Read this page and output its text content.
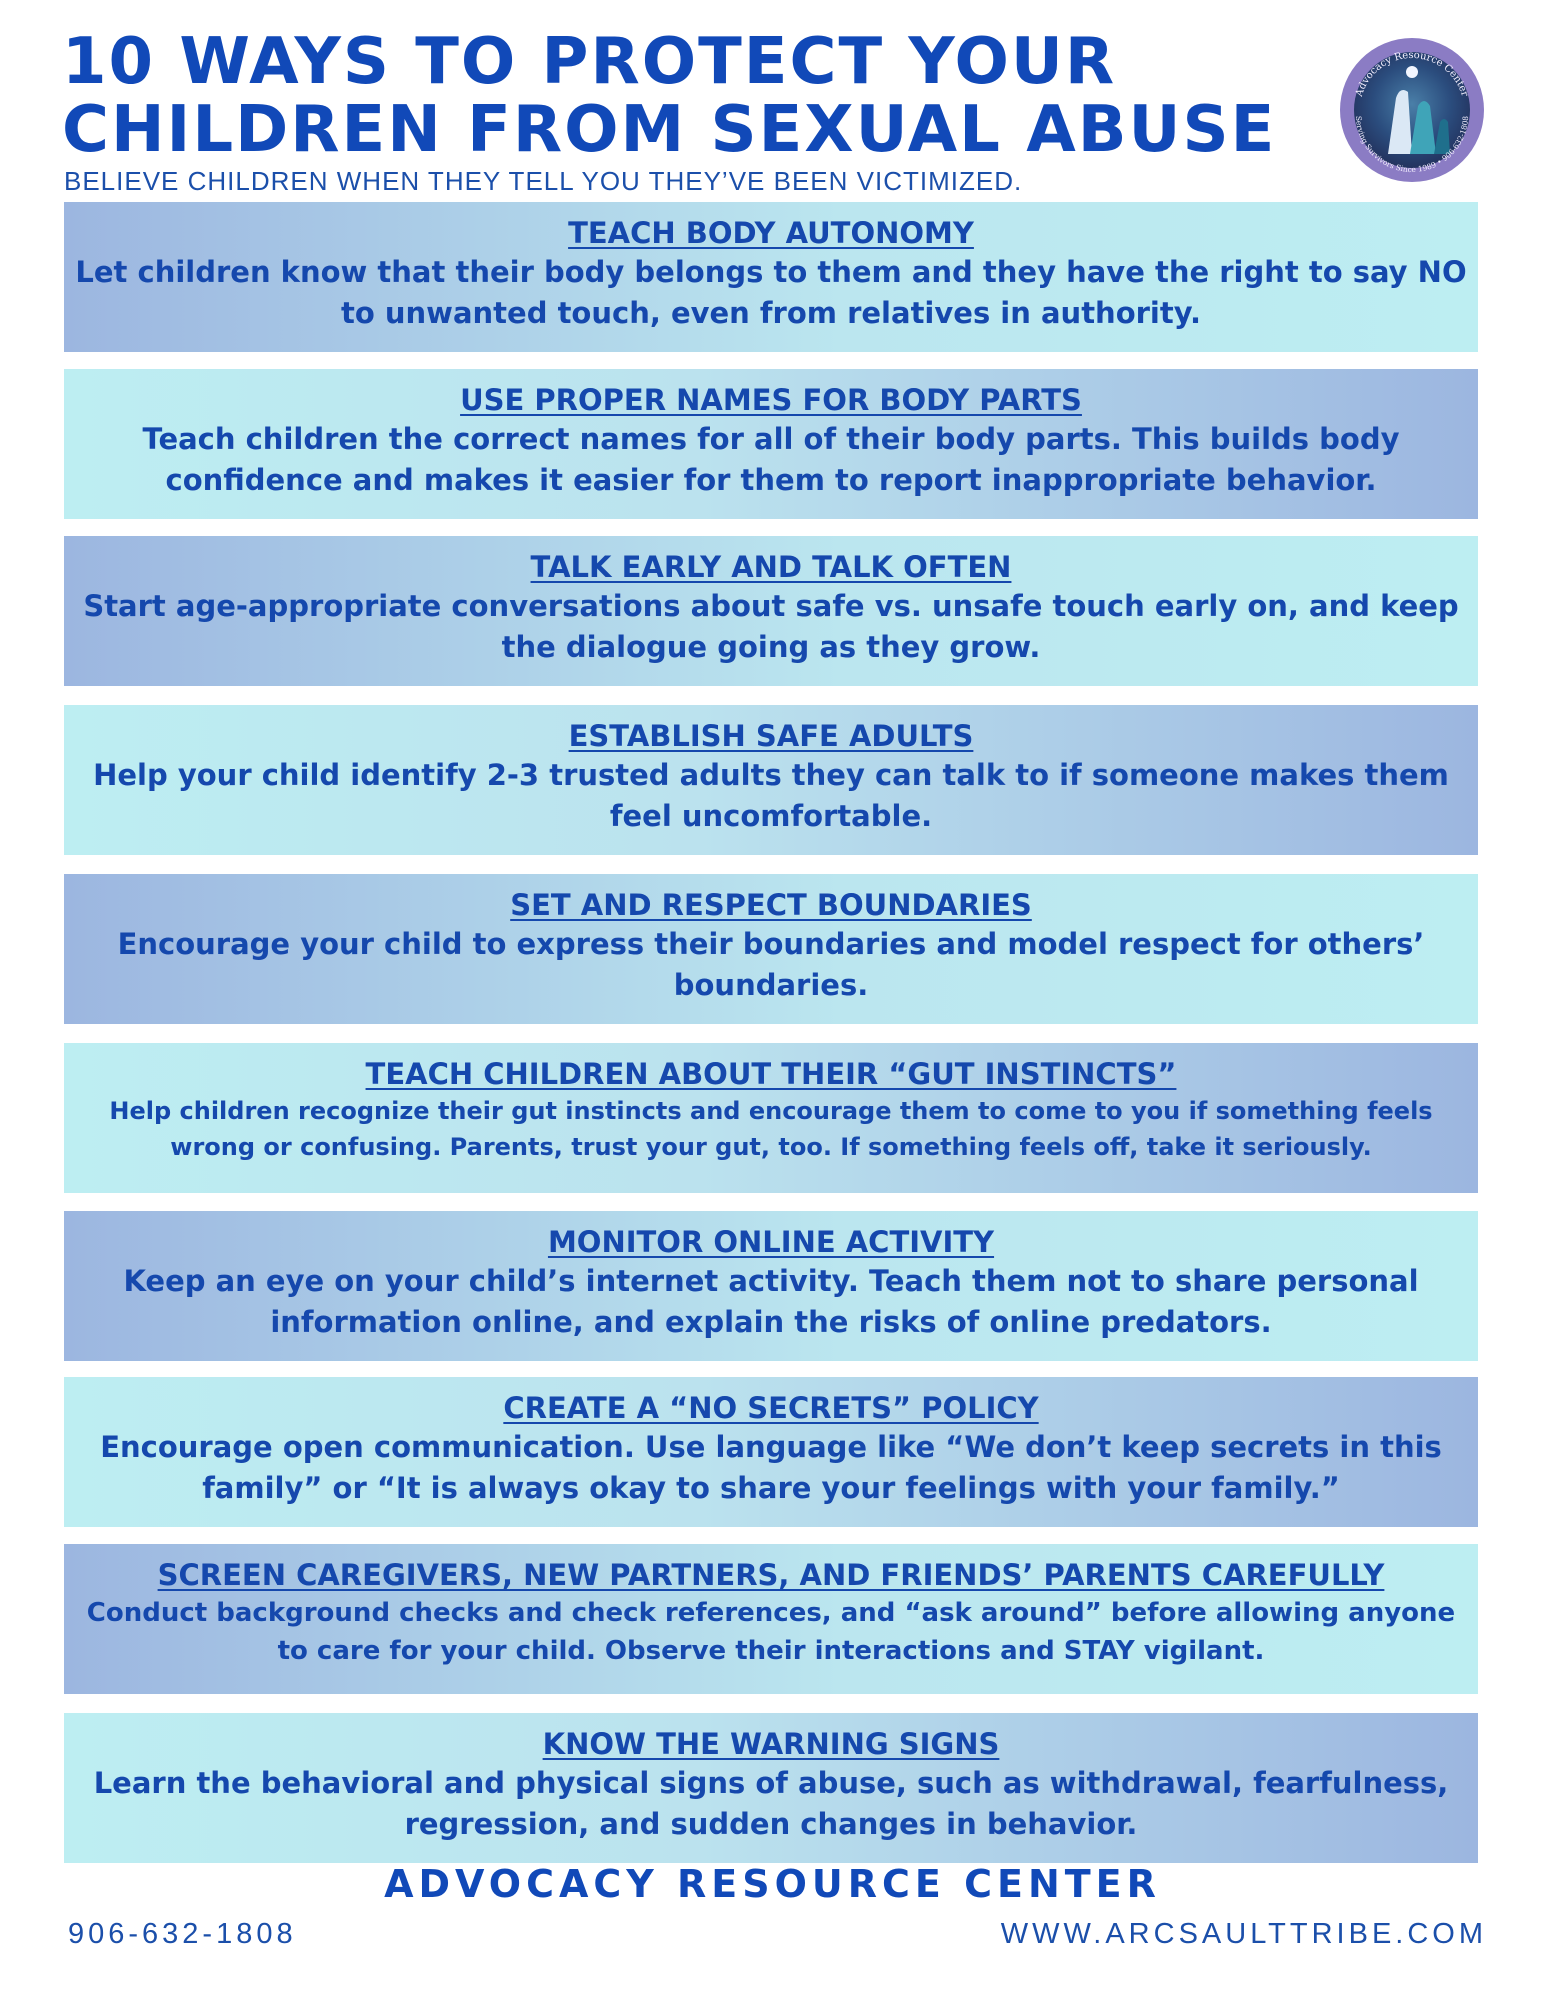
10 WAYS TO PROTECT YOUR
CHILDREN FROM SEXUAL ABUSE
BELIEVE CHILDREN WHEN THEY TELL YOU THEY’VE BEEN VICTIMIZED.
Advocacy Resource Center
Serving Survivors Since 1989 • 906-632-1808
TEACH BODY AUTONOMY
Let children know that their body belongs to them and they have the right to say NO to unwanted touch, even from relatives in authority.
USE PROPER NAMES FOR BODY PARTS
Teach children the correct names for all of their body parts. This builds body confidence and makes it easier for them to report inappropriate behavior.
TALK EARLY AND TALK OFTEN
Start age-appropriate conversations about safe vs. unsafe touch early on, and keep the dialogue going as they grow.
ESTABLISH SAFE ADULTS
Help your child identify 2-3 trusted adults they can talk to if someone makes them feel uncomfortable.
SET AND RESPECT BOUNDARIES
Encourage your child to express their boundaries and model respect for others’ boundaries.
TEACH CHILDREN ABOUT THEIR “GUT INSTINCTS”
Help children recognize their gut instincts and encourage them to come to you if something feels wrong or confusing. Parents, trust your gut, too. If something feels off, take it seriously.
MONITOR ONLINE ACTIVITY
Keep an eye on your child’s internet activity. Teach them not to share personal information online, and explain the risks of online predators.
CREATE A “NO SECRETS” POLICY
Encourage open communication. Use language like “We don’t keep secrets in this family” or “It is always okay to share your feelings with your family.”
SCREEN CAREGIVERS, NEW PARTNERS, AND FRIENDS’ PARENTS CAREFULLY
Conduct background checks and check references, and “ask around” before allowing anyone to care for your child. Observe their interactions and STAY vigilant.
KNOW THE WARNING SIGNS
Learn the behavioral and physical signs of abuse, such as withdrawal, fearfulness, regression, and sudden changes in behavior.
ADVOCACY RESOURCE CENTER
906-632-1808	WWW.ARCSAULTTRIBE.COM
